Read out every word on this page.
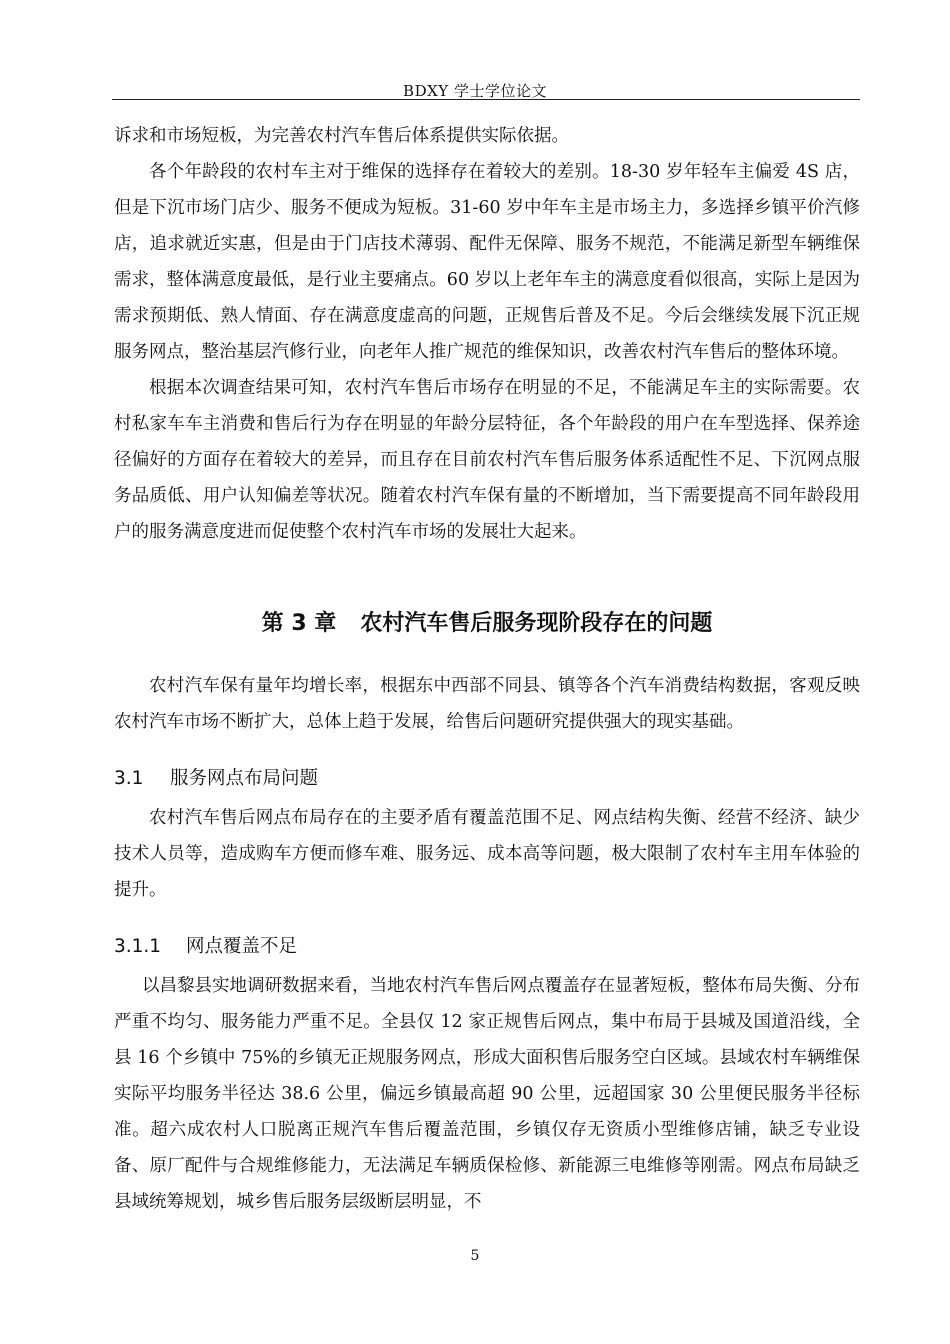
BDXY 学士学位论文

诉求和市场短板，为完善农村汽车售后体系提供实际依据。

各个年龄段的农村车主对于维保的选择存在着较大的差别。18-30 岁年轻车主偏爱 4S 店，但是下沉市场门店少、服务不便成为短板。31-60 岁中年车主是市场主力，多选择乡镇平价汽修店，追求就近实惠，但是由于门店技术薄弱、配件无保障、服务不规范，不能满足新型车辆维保需求，整体满意度最低，是行业主要痛点。60 岁以上老年车主的满意度看似很高，实际上是因为需求预期低、熟人情面、存在满意度虚高的问题，正规售后普及不足。今后会继续发展下沉正规服务网点，整治基层汽修行业，向老年人推广规范的维保知识，改善农村汽车售后的整体环境。

根据本次调查结果可知，农村汽车售后市场存在明显的不足，不能满足车主的实际需要。农村私家车车主消费和售后行为存在明显的年龄分层特征，各个年龄段的用户在车型选择、保养途径偏好的方面存在着较大的差异，而且存在目前农村汽车售后服务体系适配性不足、下沉网点服务品质低、用户认知偏差等状况。随着农村汽车保有量的不断增加，当下需要提高不同年龄段用户的服务满意度进而促使整个农村汽车市场的发展壮大起来。

第 3 章 农村汽车售后服务现阶段存在的问题

农村汽车保有量年均增长率，根据东中西部不同县、镇等各个汽车消费结构数据，客观反映农村汽车市场不断扩大，总体上趋于发展，给售后问题研究提供强大的现实基础。

3.1 服务网点布局问题

农村汽车售后网点布局存在的主要矛盾有覆盖范围不足、网点结构失衡、经营不经济、缺少技术人员等，造成购车方便而修车难、服务远、成本高等问题，极大限制了农村车主用车体验的提升。

3.1.1 网点覆盖不足

以昌黎县实地调研数据来看，当地农村汽车售后网点覆盖存在显著短板，整体布局失衡、分布严重不均匀、服务能力严重不足。全县仅 12 家正规售后网点，集中布局于县城及国道沿线，全县 16 个乡镇中 75%的乡镇无正规服务网点，形成大面积售后服务空白区域。县域农村车辆维保实际平均服务半径达 38.6 公里，偏远乡镇最高超 90 公里，远超国家 30 公里便民服务半径标准。超六成农村人口脱离正规汽车售后覆盖范围，乡镇仅存无资质小型维修店铺，缺乏专业设备、原厂配件与合规维修能力，无法满足车辆质保检修、新能源三电维修等刚需。网点布局缺乏县域统筹规划，城乡售后服务层级断层明显，不

5
